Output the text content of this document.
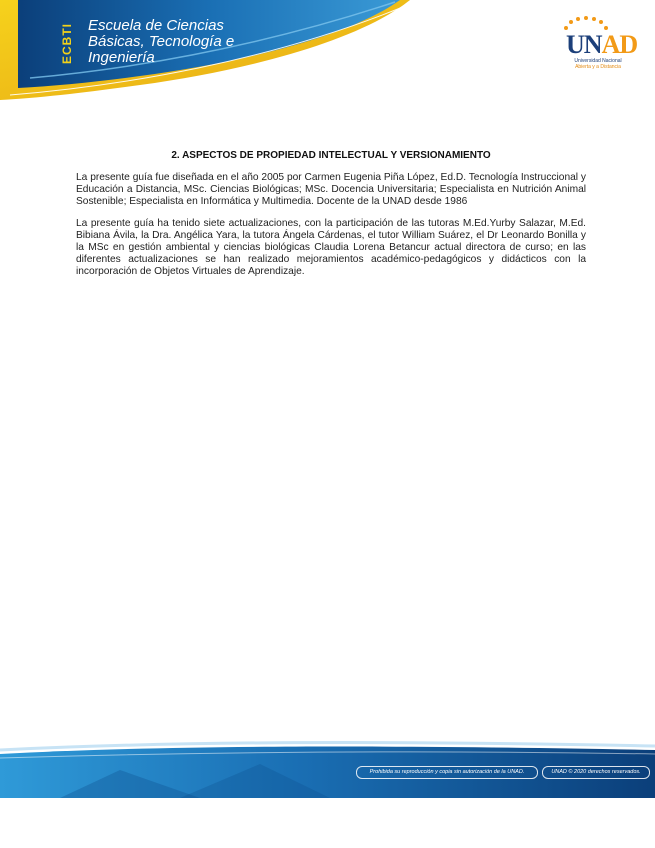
ECBTI Escuela de Ciencias
Básicas, Tecnología e
Ingeniería	UNAD
Universidad Nacional
Abierta y a Distancia
2. ASPECTOS DE PROPIEDAD INTELECTUAL Y VERSIONAMIENTO

La presente guía fue diseñada en el año 2005 por Carmen Eugenia Piña López, Ed.D. Tecnología Instruccional y Educación a Distancia, MSc. Ciencias Biológicas; MSc. Docencia Universitaria; Especialista en Nutrición Animal Sostenible; Especialista en Informática y Multimedia. Docente de la UNAD desde 1986

La presente guía ha tenido siete actualizaciones, con la participación de las tutoras M.Ed.Yurby Salazar, M.Ed. Bibiana Ávila, la Dra. Angélica Yara, la tutora Ángela Cárdenas, el tutor William Suárez, el Dr Leonardo Bonilla y la MSc en gestión ambiental y ciencias biológicas Claudia Lorena Betancur actual directora de curso; en las diferentes actualizaciones se han realizado mejoramientos académico-pedagógicos y didácticos con la incorporación de Objetos Virtuales de Aprendizaje.

Prohibida su reproducción y copia sin autorización de la UNAD.	UNAD © 2020 derechos reservados.
